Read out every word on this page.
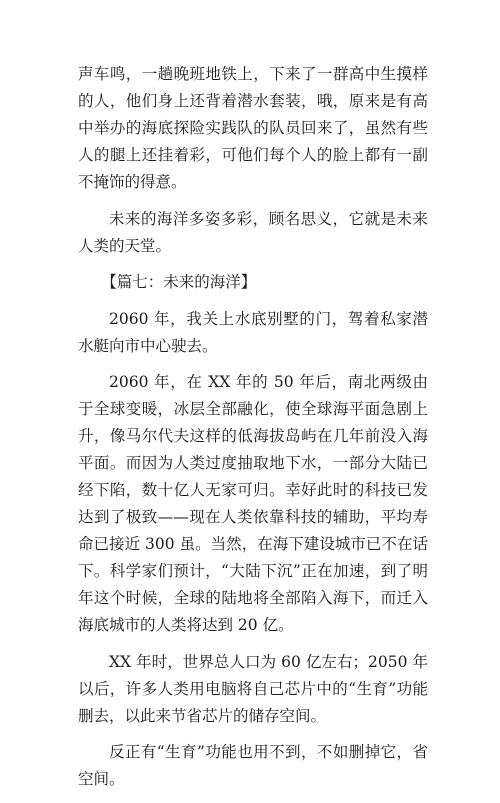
声车鸣，一趟晚班地铁上，下来了一群高中生摸样的人，他们身上还背着潜水套装，哦，原来是有高中举办的海底探险实践队的队员回来了，虽然有些人的腿上还挂着彩，可他们每个人的脸上都有一副不掩饰的得意。

未来的海洋多姿多彩，顾名思义，它就是未来人类的天堂。

【篇七：未来的海洋】

2060 年，我关上水底别墅的门，驾着私家潜水艇向市中心驶去。

2060 年，在 XX 年的 50 年后，南北两级由于全球变暖，冰层全部融化，使全球海平面急剧上升，像马尔代夫这样的低海拔岛屿在几年前没入海平面。而因为人类过度抽取地下水，一部分大陆已经下陷，数十亿人无家可归。幸好此时的科技已发达到了极致——现在人类依靠科技的辅助，平均寿命已接近 300 虽。当然，在海下建设城市已不在话下。科学家们预计，“大陆下沉”正在加速，到了明年这个时候，全球的陆地将全部陷入海下，而迁入海底城市的人类将达到 20 亿。

XX 年时，世界总人口为 60 亿左右；2050 年以后，许多人类用电脑将自己芯片中的“生育”功能删去，以此来节省芯片的储存空间。

反正有“生育”功能也用不到，不如删掉它，省空间。
